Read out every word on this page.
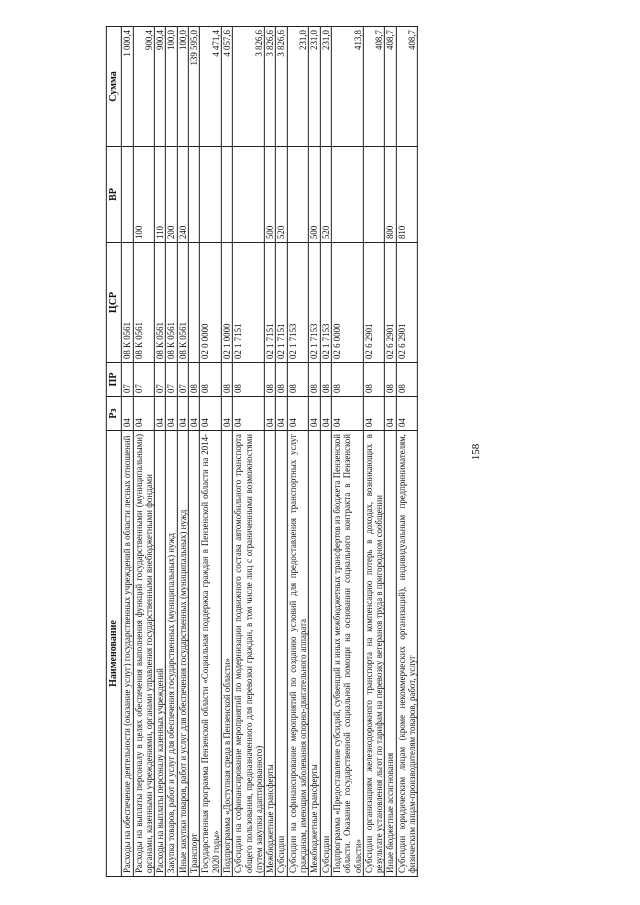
158
Наименование	Рз	ПР	ЦСР	ВР	Сумма
Расходы на обеспечение деятельности (оказание услуг) государственных учреждений в области лесных отношений	04	07	08 К 0561		1 000,4
Расходы на выплаты персоналу в целях обеспечения выполнения функций государственными (муниципальными) органами, казенными учреждениями, органами управления государственными внебюджетными фондами	04	07	08 К 0561	100	900,4
Расходы на выплаты персоналу казенных учреждений	04	07	08 К 0561	110	900,4
Закупка товаров, работ и услуг для обеспечения государственных (муниципальных) нужд	04	07	08 К 0561	200	100,0
Иные закупки товаров, работ и услуг для обеспечения государственных (муниципальных) нужд	04	07	08 К 0561	240	100,0
Транспорт	04	08			139 595,0
Государственная программа Пензенской области «Социальная поддержка граждан в Пензенской области на 2014-2020 годы»	04	08	02 0 0000		4 471,4
Подпрограмма «Доступная среда в Пензенской области»	04	08	02 1 0000		4 057,6
Субсидии на софинансирование мероприятий по модернизации подвижного состава автомобильного транспорта общего пользования, предназначенного для перевозки граждан, в том числе лиц с ограниченными возможностями (путем закупки адаптированного)	04	08	02 1 7151		3 826,6
Межбюджетные трансферты	04	08	02 1 7151	500	3 826,6
Субсидии	04	08	02 1 7151	520	3 826,6
Субсидии на софинансирование мероприятий по созданию условий для предоставления транспортных услуг гражданам, имеющим заболевания опорно-двигательного аппарата	04	08	02 1 7153		231,0
Межбюджетные трансферты	04	08	02 1 7153	500	231,0
Субсидии	04	08	02 1 7153	520	231,0
Подпрограмма «Предоставление субсидий, субвенций и иных межбюджетных трансфертов из бюджета Пензенской области. Оказание государственной социальной помощи на основании социального контракта в Пензенской области»	04	08	02 6 0000		413,8
Субсидии организациям железнодорожного транспорта на компенсацию потерь в доходах, возникающих в результате установления льгот по тарифам на перевозку ветеранов труда в пригородном сообщении	04	08	02 6 2901		408,7
Иные бюджетные ассигнования	04	08	02 6 2901	800	408,7
Субсидии юридическим лицам (кроме некоммерческих организаций), индивидуальным предпринимателям, физическим лицам-производителям товаров, работ, услуг	04	08	02 6 2901	810	408,7
